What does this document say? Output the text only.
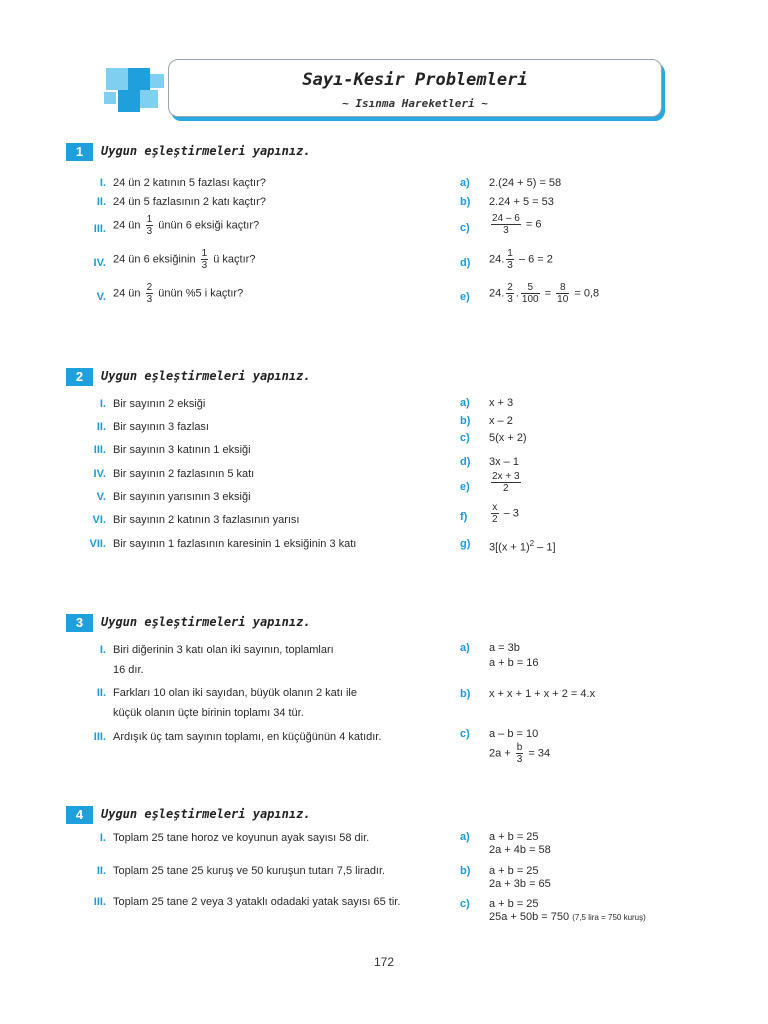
Sayı-Kesir Problemleri
~ Isınma Hareketleri ~
1	Uygun eşleştirmeleri yapınız.
I. 24 ün 2 katının 5 fazlası kaçtır?
II. 24 ün 5 fazlasının 2 katı kaçtır?
III. 24 ün $\frac{1}{3}$ ünün 6 eksiği kaçtır?
IV. 24 ün 6 eksiğinin $\frac{1}{3}$ ü kaçtır?
V. 24 ün $\frac{2}{3}$ ünün %5 i kaçtır?
a) 2.(24 + 5) = 58
b) 2.24 + 5 = 53
$c) \frac{24 - 6}{3} = 6$
d) 24. $\frac{1}{3} - 6 = 2$
e) 24. $\frac{2}{3}$ . $\frac{5}{100} = \frac{8}{10} = 0,8$
2	Uygun eşleştirmeleri yapınız.
I. Bir sayının 2 eksiği
II. Bir sayının 3 fazlası
III. Bir sayının 3 katının 1 eksiği
IV. Bir sayının 2 fazlasının 5 katı
V. Bir sayının yarısının 3 eksiği
VI. Bir sayının 2 katının 3 fazlasının yarısı
VII. Bir sayının 1 fazlasının karesinin 1 eksiğinin 3 katı
a) x + 3
b) x – 2
c) 5(x + 2)
d) 3x – 1
$e) \frac{2x + 3}{2}$
$f) \frac{x}{2} - 3$
g) $3[(x + 1)^2 - 1]$
3	Uygun eşleştirmeleri yapınız.
I. Biri diğerinin 3 katı olan iki sayının, toplamları
16 dır.
II. Farkları 10 olan iki sayıdan, büyük olanın 2 katı ile
küçük olanın üçte birinin toplamı 34 tür.
III. Ardışık üç tam sayının toplamı, en küçüğünün 4 katıdır.
a) a = 3b
a + b = 16
b) x + x + 1 + x + 2 = 4.x
c) a – b = 10
$2a + \frac{b}{3} = 34$
4	Uygun eşleştirmeleri yapınız.
I. Toplam 25 tane horoz ve koyunun ayak sayısı 58 dir.
II. Toplam 25 tane 25 kuruş ve 50 kuruşun tutarı 7,5 liradır.
III. Toplam 25 tane 2 veya 3 yataklı odadaki yatak sayısı 65 tir.
a) a + b = 25
2a + 4b = 58
b) a + b = 25
2a + 3b = 65
c) a + b = 25
25a + 50b = 750 (7,5 lira = 750 kuruş)
172
